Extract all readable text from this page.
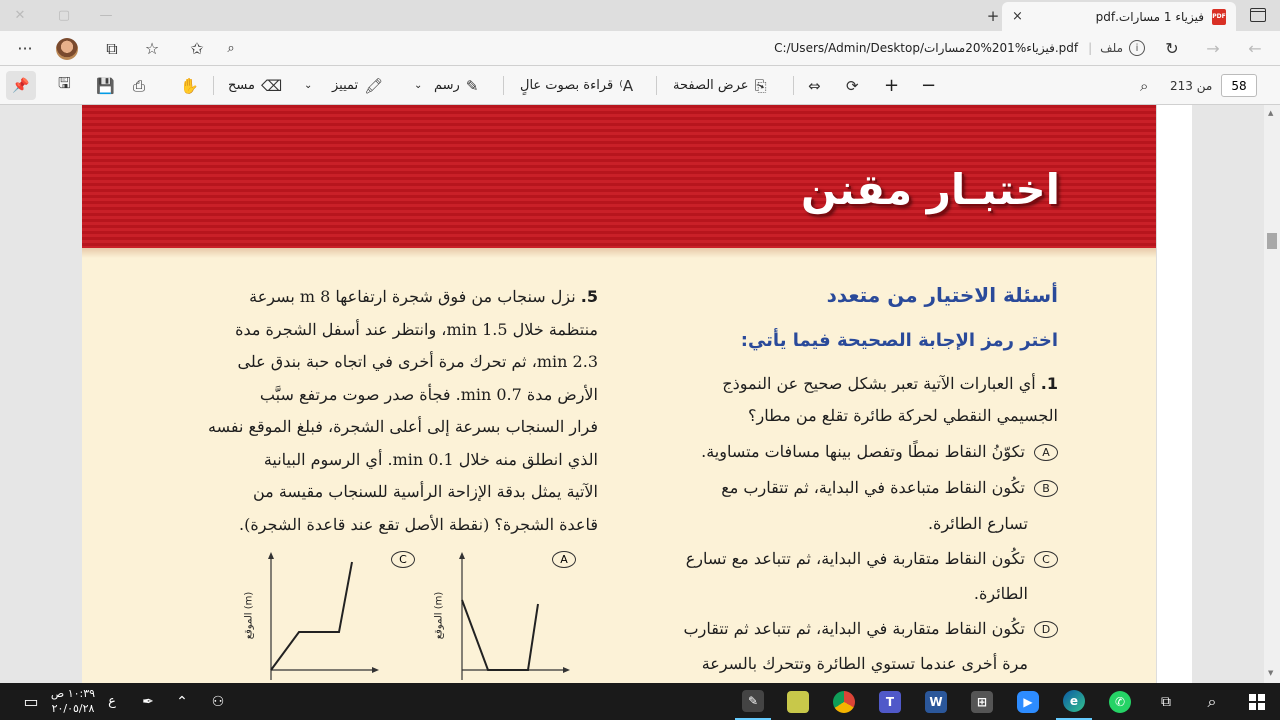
✕	▢	—	+	PDF
فيزياء 1 مسارات.pdf
×
···	⧉	☆	✩	⌕	i
ملف
|
C:/Users/Admin/Desktop/فيزياء%201%20مسارات.pdf	↻	→	←
📌	🖫 💾 ⎙ ✋	⌫
مسح	⌄	🖍
تمييز	⌄	✎
رسم	A⁾
قراءة بصوت عالٍ	⎘
عرض الصفحة	⇔ ⟳ + −	⌕ من 213	58
اختبـار مقنن
أسئلة الاختيار من متعدد
اختر رمز الإجابة الصحيحة فيما يأتي:
1. أي العبارات الآتية تعبر بشكل صحيح عن النموذج
الجسيمي النقطي لحركة طائرة تقلع من مطار؟
A تكوّنُ النقاط نمطًا وتفصل بينها مسافات متساوية.
B تكُون النقاط متباعدة في البداية، ثم تتقارب مع
تسارع الطائرة.
C تكُون النقاط متقاربة في البداية، ثم تتباعد مع تسارع
الطائرة.
D تكُون النقاط متقاربة في البداية، ثم تتباعد ثم تتقارب
مرة أخرى عندما تستوي الطائرة وتتحرك بالسرعة
5. نزل سنجاب من فوق شجرة ارتفاعها 8 m بسرعة
منتظمة خلال 1.5 min، وانتظر عند أسفل الشجرة مدة
2.3 min، ثم تحرك مرة أخرى في اتجاه حبة بندق على
الأرض مدة 0.7 min. فجأة صدر صوت مرتفع سبَّب
فرار السنجاب بسرعة إلى أعلى الشجرة، فبلغ الموقع نفسه
الذي انطلق منه خلال 0.1 min. أي الرسوم البيانية
الآتية يمثل بدقة الإزاحة الرأسية للسنجاب مقيسة من
قاعدة الشجرة؟ (نقطة الأصل تقع عند قاعدة الشجرة).
C
الموقع (m)
A
الموقع (m)
▲
▼
▭	١٠:٣٩ ص
٢٠/٠٥/٢٨	ع	✒	⌃	⚇	✎	T	W	⊞	▶	e	✆	⧉	⌕
